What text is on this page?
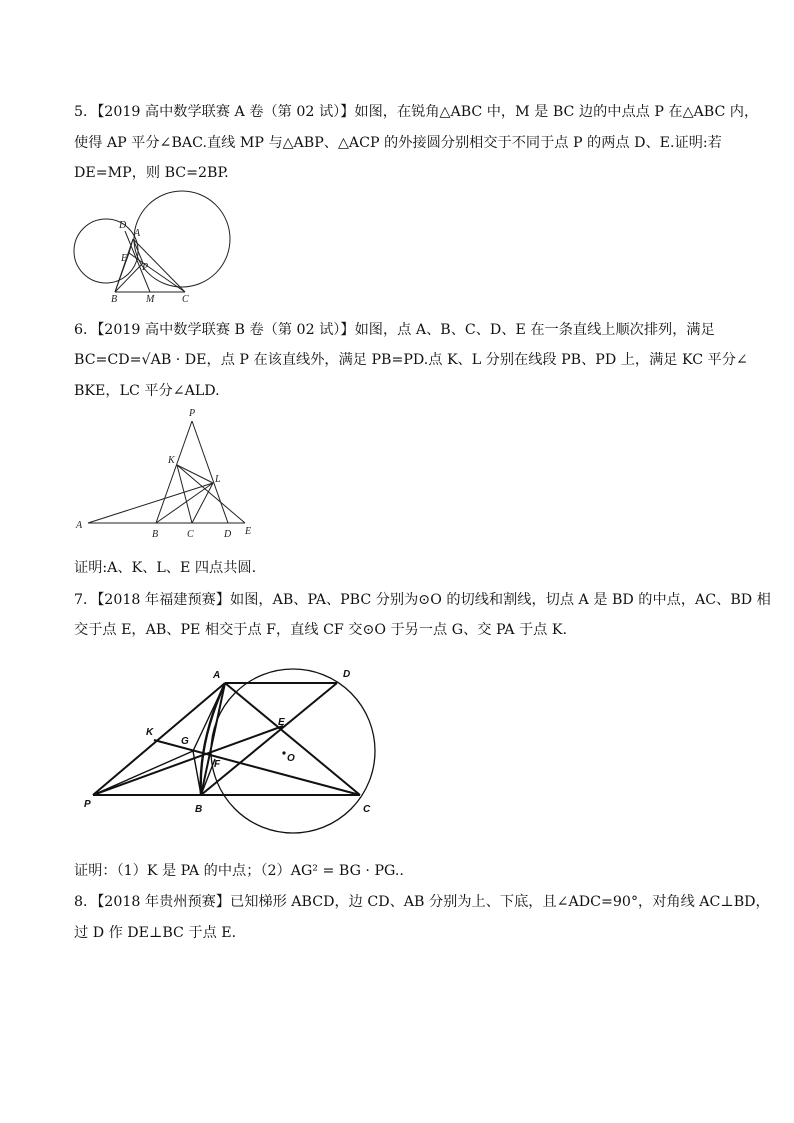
5．【2019 高中数学联赛 A 卷（第 02 试）】如图，在锐角△ABC 中，M 是 BC 边的中点点 P 在△ABC 内，
使得 AP 平分∠BAC.直线 MP 与△ABP、△ACP 的外接圆分别相交于不同于点 P 的两点 D、E.证明:若
DE=MP，则 BC=2BP.
D
A
E
P
B	M	C
6．【2019 高中数学联赛 B 卷（第 02 试）】如图，点 A、B、C、D、E 在一条直线上顺次排列，满足
BC=CD=√AB · DE，点 P 在该直线外，满足 PB=PD.点 K、L 分别在线段 PB、PD 上，满足 KC 平分∠
BKE，LC 平分∠ALD.
P
K
L
A
B	C	D E
证明:A、K、L、E 四点共圆.
7．【2018 年福建预赛】如图，AB、PA、PBC 分别为⊙O 的切线和割线，切点 A 是 BD 的中点，AC、BD 相
交于点 E，AB、PE 相交于点 F，直线 CF 交⊙O 于另一点 G、交 PA 于点 K.
A	D
K
G
E
O
F
P	B	C
证明：（1）K 是 PA 的中点；（2）AG² = BG · PG..
8．【2018 年贵州预赛】已知梯形 ABCD，边 CD、AB 分别为上、下底，且∠ADC=90°，对角线 AC⊥BD，
过 D 作 DE⊥BC 于点 E．
